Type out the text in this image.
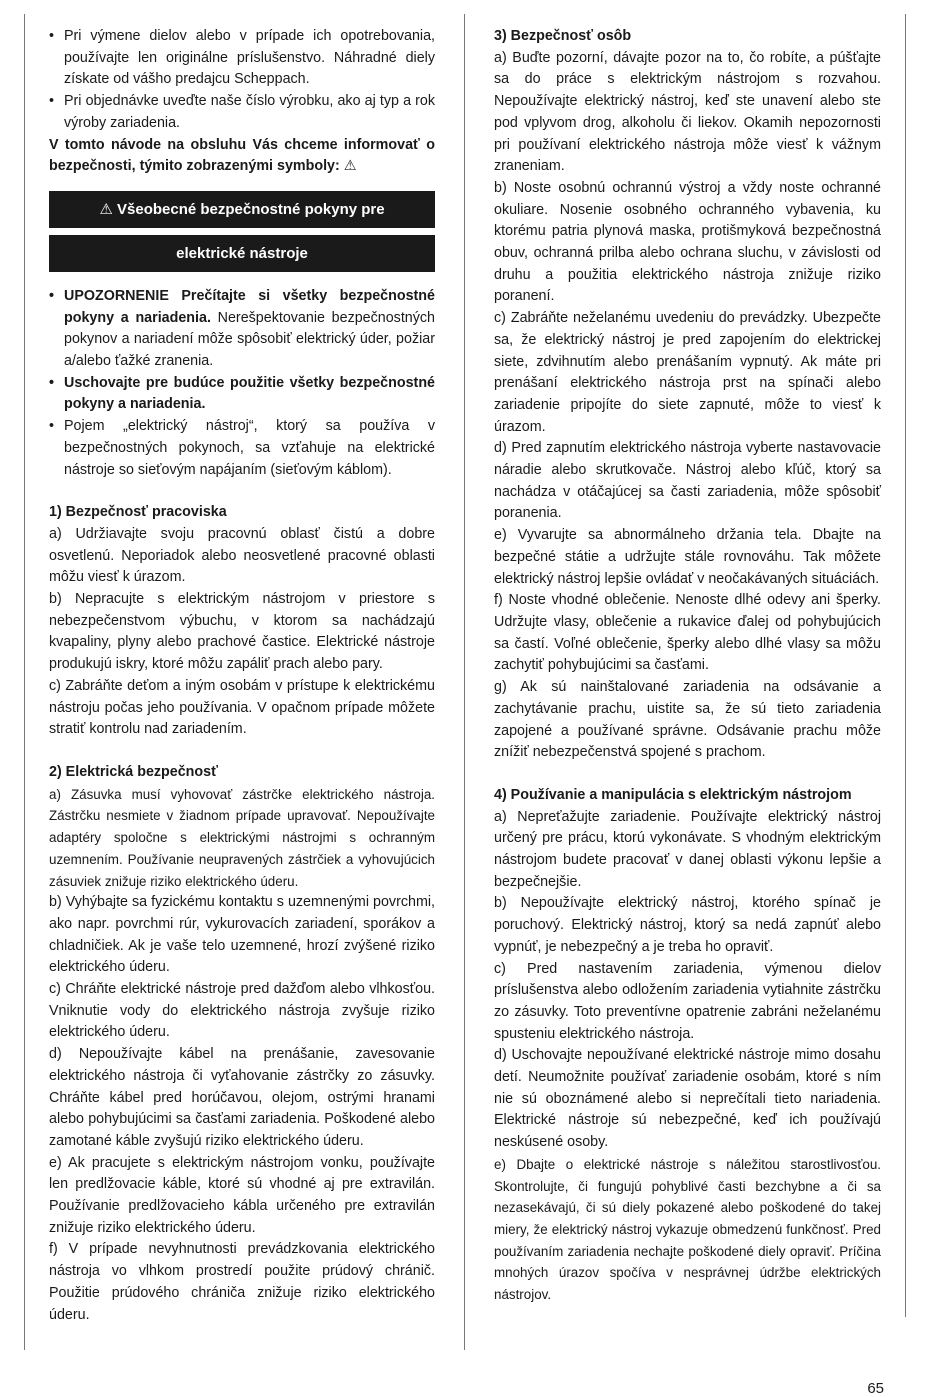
• Pri výmene dielov alebo v prípade ich opotrebovania, používajte len originálne príslušenstvo. Náhradné diely získate od vášho predajcu Scheppach.
• Pri objednávke uveďte naše číslo výrobku, ako aj typ a rok výroby zariadenia.
V tomto návode na obsluhu Vás chceme informovať o bezpečnosti, týmito zobrazenými symboly: ⚠
⚠ Všeobecné bezpečnostné pokyny pre
elektrické nástroje
• UPOZORNENIE Prečítajte si všetky bezpečnostné pokyny a nariadenia. Nerešpektovanie bezpečnostných pokynov a nariadení môže spôsobiť elektrický úder, požiar a/alebo ťažké zranenia.
• Uschovajte pre budúce použitie všetky bezpečnostné pokyny a nariadenia.
• Pojem „elektrický nástroj“, ktorý sa používa v bezpečnostných pokynoch, sa vzťahuje na elektrické nástroje so sieťovým napájaním (sieťovým káblom).
1) Bezpečnosť pracoviska
a) Udržiavajte svoju pracovnú oblasť čistú a dobre osvetlenú. Neporiadok alebo neosvetlené pracovné oblasti môžu viesť k úrazom.
b) Nepracujte s elektrickým nástrojom v priestore s nebezpečenstvom výbuchu, v ktorom sa nachádzajú kvapaliny, plyny alebo prachové častice. Elektrické nástroje produkujú iskry, ktoré môžu zapáliť prach alebo pary.
c) Zabráňte deťom a iným osobám v prístupe k elektrickému nástroju počas jeho používania. V opačnom prípade môžete stratiť kontrolu nad zariadením.
2) Elektrická bezpečnosť
a) Zásuvka musí vyhovovať zástrčke elektrického nástroja. Zástrčku nesmiete v žiadnom prípade upravovať. Nepoužívajte adaptéry spoločne s elektrickými nástrojmi s ochranným uzemnením. Používanie neupravených zástrčiek a vyhovujúcich zásuviek znižuje riziko elektrického úderu.
b) Vyhýbajte sa fyzickému kontaktu s uzemnenými povrchmi, ako napr. povrchmi rúr, vykurovacích zariadení, sporákov a chladničiek. Ak je vaše telo uzemnené, hrozí zvýšené riziko elektrického úderu.
c) Chráňte elektrické nástroje pred dažďom alebo vlhkosťou. Vniknutie vody do elektrického nástroja zvyšuje riziko elektrického úderu.
d) Nepoužívajte kábel na prenášanie, zavesovanie elektrického nástroja či vyťahovanie zástrčky zo zásuvky. Chráňte kábel pred horúčavou, olejom, ostrými hranami alebo pohybujúcimi sa časťami zariadenia. Poškodené alebo zamotané káble zvyšujú riziko elektrického úderu.
e) Ak pracujete s elektrickým nástrojom vonku, používajte len predlžovacie káble, ktoré sú vhodné aj pre extravilán. Používanie predlžovacieho kábla určeného pre extravilán znižuje riziko elektrického úderu.
f) V prípade nevyhnutnosti prevádzkovania elektrického nástroja vo vlhkom prostredí použite prúdový chránič. Použitie prúdového chrániča znižuje riziko elektrického úderu.
3) Bezpečnosť osôb
a) Buďte pozorní, dávajte pozor na to, čo robíte, a púšťajte sa do práce s elektrickým nástrojom s rozvahou. Nepoužívajte elektrický nástroj, keď ste unavení alebo ste pod vplyvom drog, alkoholu či liekov. Okamih nepozornosti pri používaní elektrického nástroja môže viesť k vážnym zraneniam.
b) Noste osobnú ochrannú výstroj a vždy noste ochranné okuliare. Nosenie osobného ochranného vybavenia, ku ktorému patria plynová maska, protišmyková bezpečnostná obuv, ochranná prilba alebo ochrana sluchu, v závislosti od druhu a použitia elektrického nástroja znižuje riziko poranení.
c) Zabráňte neželanému uvedeniu do prevádzky. Ubezpečte sa, že elektrický nástroj je pred zapojením do elektrickej siete, zdvihnutím alebo prenášaním vypnutý. Ak máte pri prenášaní elektrického nástroja prst na spínači alebo zariadenie pripojíte do siete zapnuté, môže to viesť k úrazom.
d) Pred zapnutím elektrického nástroja vyberte nastavovacie náradie alebo skrutkovače. Nástroj alebo kľúč, ktorý sa nachádza v otáčajúcej sa časti zariadenia, môže spôsobiť poranenia.
e) Vyvarujte sa abnormálneho držania tela. Dbajte na bezpečné státie a udržujte stále rovnováhu. Tak môžete elektrický nástroj lepšie ovládať v neočakávaných situáciách.
f) Noste vhodné oblečenie. Nenoste dlhé odevy ani šperky. Udržujte vlasy, oblečenie a rukavice ďalej od pohybujúcich sa častí. Voľné oblečenie, šperky alebo dlhé vlasy sa môžu zachytiť pohybujúcimi sa časťami.
g) Ak sú nainštalované zariadenia na odsávanie a zachytávanie prachu, uistite sa, že sú tieto zariadenia zapojené a používané správne. Odsávanie prachu môže znížiť nebezpečenstvá spojené s prachom.
4) Používanie a manipulácia s elektrickým nástrojom
a) Nepreťažujte zariadenie. Používajte elektrický nástroj určený pre prácu, ktorú vykonávate. S vhodným elektrickým nástrojom budete pracovať v danej oblasti výkonu lepšie a bezpečnejšie.
b) Nepoužívajte elektrický nástroj, ktorého spínač je poruchový. Elektrický nástroj, ktorý sa nedá zapnúť alebo vypnúť, je nebezpečný a je treba ho opraviť.
c) Pred nastavením zariadenia, výmenou dielov príslušenstva alebo odložením zariadenia vytiahnite zástrčku zo zásuvky. Toto preventívne opatrenie zabráni neželanému spusteniu elektrického nástroja.
d) Uschovajte nepoužívané elektrické nástroje mimo dosahu detí. Neumožnite používať zariadenie osobám, ktoré s ním nie sú oboznámené alebo si neprečítali tieto nariadenia. Elektrické nástroje sú nebezpečné, keď ich používajú neskúsené osoby.
e) Dbajte o elektrické nástroje s náležitou starostlivosťou. Skontrolujte, či fungujú pohyblivé časti bezchybne a či sa nezasekávajú, či sú diely pokazené alebo poškodené do takej miery, že elektrický nástroj vykazuje obmedzenú funkčnosť. Pred používaním zariadenia nechajte poškodené diely opraviť. Príčina mnohých úrazov spočíva v nesprávnej údržbe elektrických nástrojov.
65
